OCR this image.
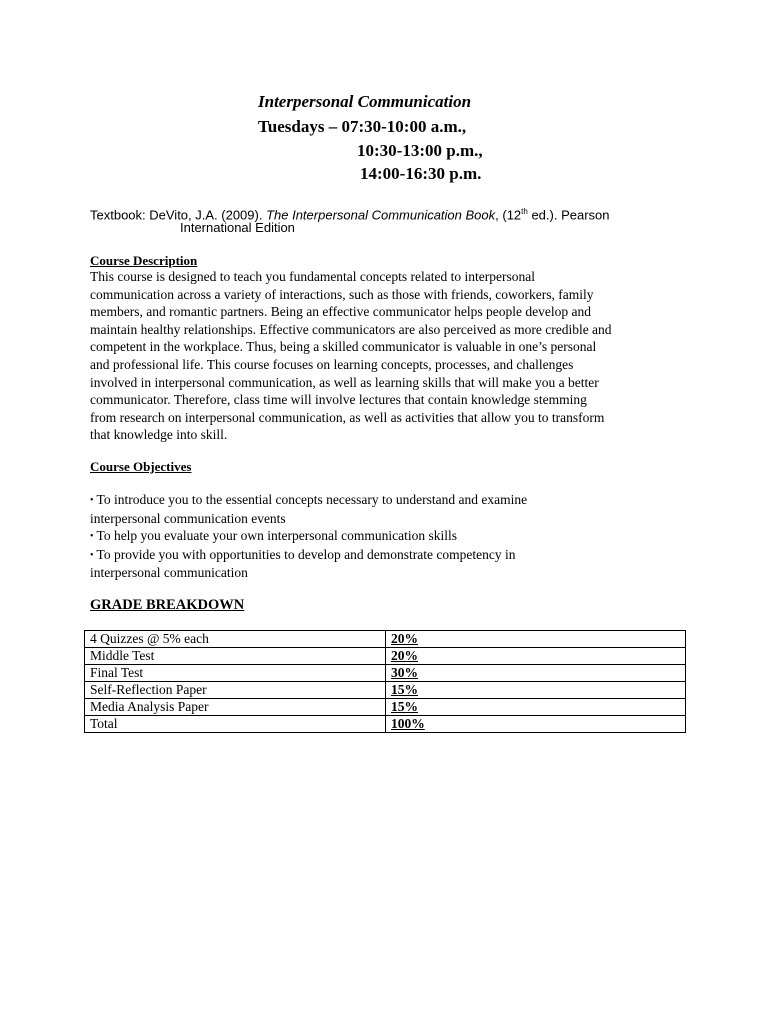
Interpersonal Communication
Tuesdays – 07:30-10:00 a.m.,
10:30-13:00 p.m.,
14:00-16:30 p.m.
Textbook: DeVito, J.A. (2009). The Interpersonal Communication Book, (12th ed.). Pearson
International Edition
Course Description
This course is designed to teach you fundamental concepts related to interpersonal
communication across a variety of interactions, such as those with friends, coworkers, family
members, and romantic partners. Being an effective communicator helps people develop and
maintain healthy relationships. Effective communicators are also perceived as more credible and
competent in the workplace. Thus, being a skilled communicator is valuable in one’s personal
and professional life. This course focuses on learning concepts, processes, and challenges
involved in interpersonal communication, as well as learning skills that will make you a better
communicator. Therefore, class time will involve lectures that contain knowledge stemming
from research on interpersonal communication, as well as activities that allow you to transform
that knowledge into skill.
Course Objectives
• To introduce you to the essential concepts necessary to understand and examine
interpersonal communication events
• To help you evaluate your own interpersonal communication skills
• To provide you with opportunities to develop and demonstrate competency in
interpersonal communication
GRADE BREAKDOWN
4 Quizzes @ 5% each	20%
Middle Test	20%
Final Test	30%
Self-Reflection Paper	15%
Media Analysis Paper	15%
Total	100%
